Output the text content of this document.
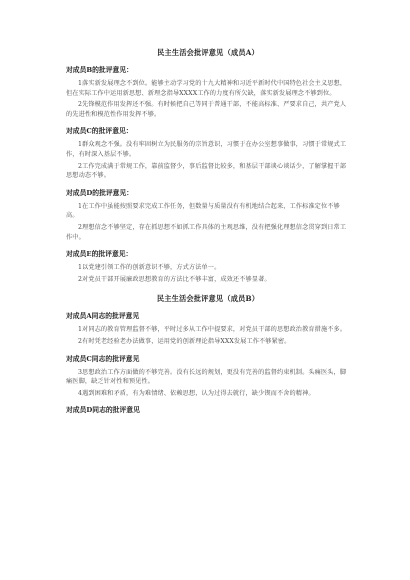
民主生活会批评意见（成员A）
对成员B的批评意见：

1落实新发展理念不到位。能够主动学习党的十九大精神和习近平新时代中国特色社会主义思想，但在实际工作中运用新思想、新理念指导XXXX工作的力度有所欠缺，落实新发展理念不够到位。

2先锋模范作用发挥还不强。有时候把自己等同于普通干部，不能高标准、严要求自己，共产党人的先进性和模范性作用发挥不够。

对成员C的批评意见：

1群众观念不强。没有牢固树立为民服务的宗旨意识，习惯于在办公室想事做事，习惯于常规式工作，有时深入基层不够。

2工作完成满于常规工作，靠前监督少，事后监督比较多，和基层干部谈心谈话少，了解掌握干部思想动态不够。

对成员D的批评意见：

1在工作中虽能按照要求完成工作任务，但数量与质量没有有机地结合起来，工作标准定位不够高。

2理想信念不够坚定，存在抓思想不如抓工作具体的主观思维，没有把强化理想信念贯穿到日常工作中。

对成员E的批评意见：

1以党建引领工作的创新意识不够，方式方法单一。

2对党员干部开展廉政思想教育的方法比不够丰富，成效还不够显著。

民主生活会批评意见（成员B）
对成员A同志的批评意见

1对同志的教育管理监督不够，平时过多从工作中提要求，对党员干部的思想政治教育措施不多。

2有时凭老经验老办法做事，运用党的创新理论指导XXX发展工作不够紧密。

对成员C同志的批评意见

3思想政治工作方面做的不够完善。没有长远的规划，更没有完善的监督约束机制。头痛医头，脚痛医脚，缺乏针对性和预见性。

4遇到困难和矛盾，有为难情绪、依赖思想，认为过得去就行，缺少锲而不舍的精神。

对成员D同志的批评意见
